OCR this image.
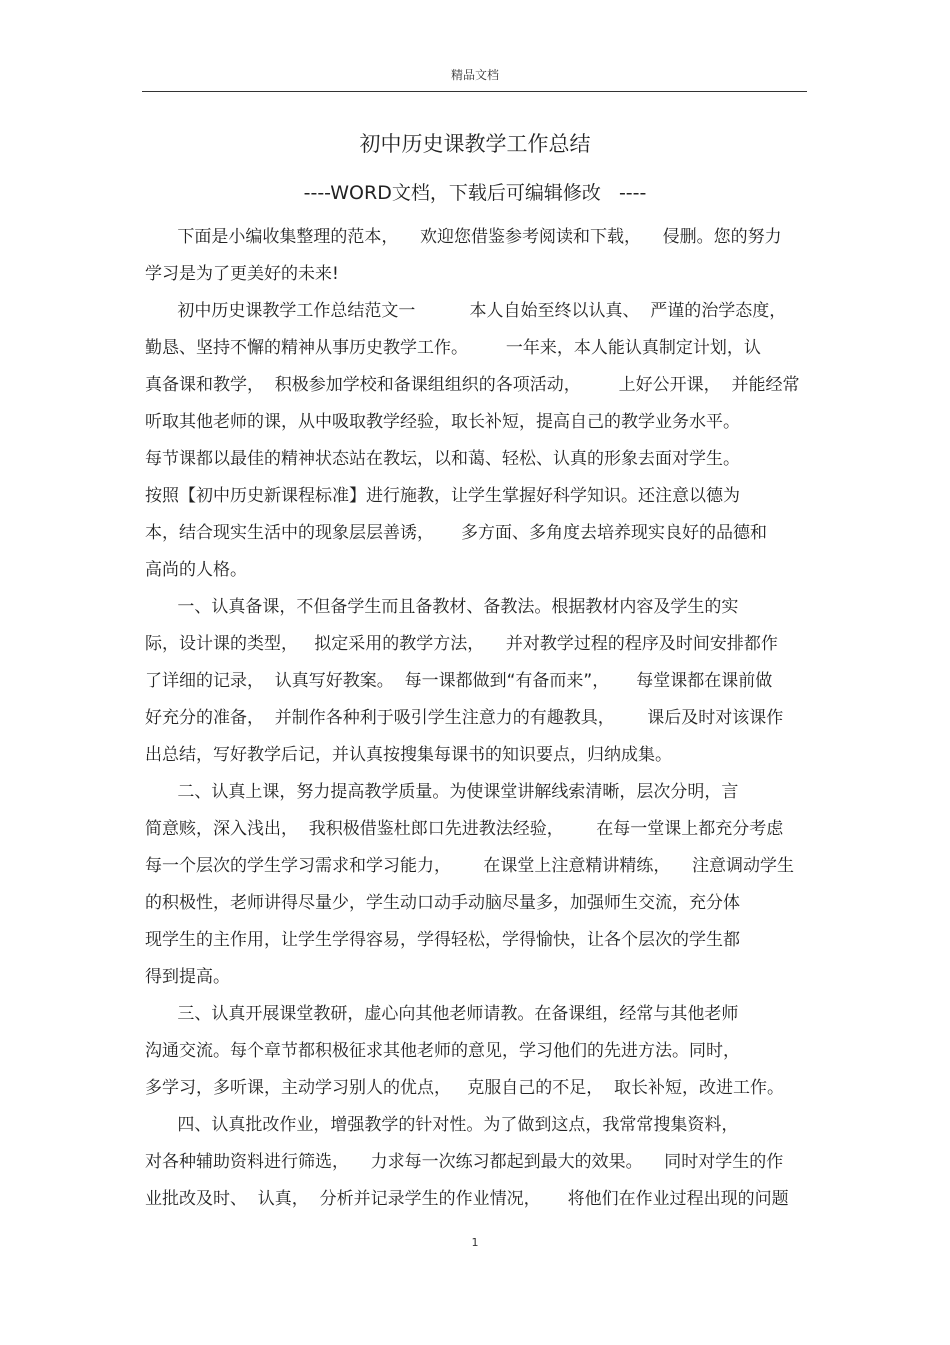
精品文档
初中历史课教学工作总结
----WORD文档，下载后可编辑修改   ----
下面是小编收集整理的范本，    欢迎您借鉴参考阅读和下载，    侵删。您的努力
学习是为了更美好的未来!
初中历史课教学工作总结范文一          本人自始至终以认真、  严谨的治学态度，
勤恳、坚持不懈的精神从事历史教学工作。       一年来，本人能认真制定计划，认
真备课和教学，  积极参加学校和备课组组织的各项活动，       上好公开课，  并能经常
听取其他老师的课，从中吸取教学经验，取长补短，提高自己的教学业务水平。
每节课都以最佳的精神状态站在教坛，以和蔼、轻松、认真的形象去面对学生。
按照【初中历史新课程标准】进行施教，让学生掌握好科学知识。还注意以德为
本，结合现实生活中的现象层层善诱，     多方面、多角度去培养现实良好的品德和
高尚的人格。
一、认真备课，不但备学生而且备教材、备教法。根据教材内容及学生的实
际，设计课的类型，   拟定采用的教学方法，    并对教学过程的程序及时间安排都作
了详细的记录，  认真写好教案。  每一课都做到“有备而来”，     每堂课都在课前做
好充分的准备，  并制作各种利于吸引学生注意力的有趣教具，      课后及时对该课作
出总结，写好教学后记，并认真按搜集每课书的知识要点，归纳成集。
二、认真上课，努力提高教学质量。为使课堂讲解线索清晰，层次分明，言
简意赅，深入浅出，  我积极借鉴杜郎口先进教法经验，      在每一堂课上都充分考虑
每一个层次的学生学习需求和学习能力，      在课堂上注意精讲精练，    注意调动学生
的积极性，老师讲得尽量少，学生动口动手动脑尽量多，加强师生交流，充分体
现学生的主作用，让学生学得容易，学得轻松，学得愉快，让各个层次的学生都
得到提高。
三、认真开展课堂教研，虚心向其他老师请教。在备课组，经常与其他老师
沟通交流。每个章节都积极征求其他老师的意见，学习他们的先进方法。同时，
多学习，多听课，主动学习别人的优点，   克服自己的不足，  取长补短，改进工作。
四、认真批改作业，增强教学的针对性。为了做到这点，我常常搜集资料，
对各种辅助资料进行筛选，    力求每一次练习都起到最大的效果。    同时对学生的作
业批改及时、  认真，  分析并记录学生的作业情况，     将他们在作业过程出现的问题
1
